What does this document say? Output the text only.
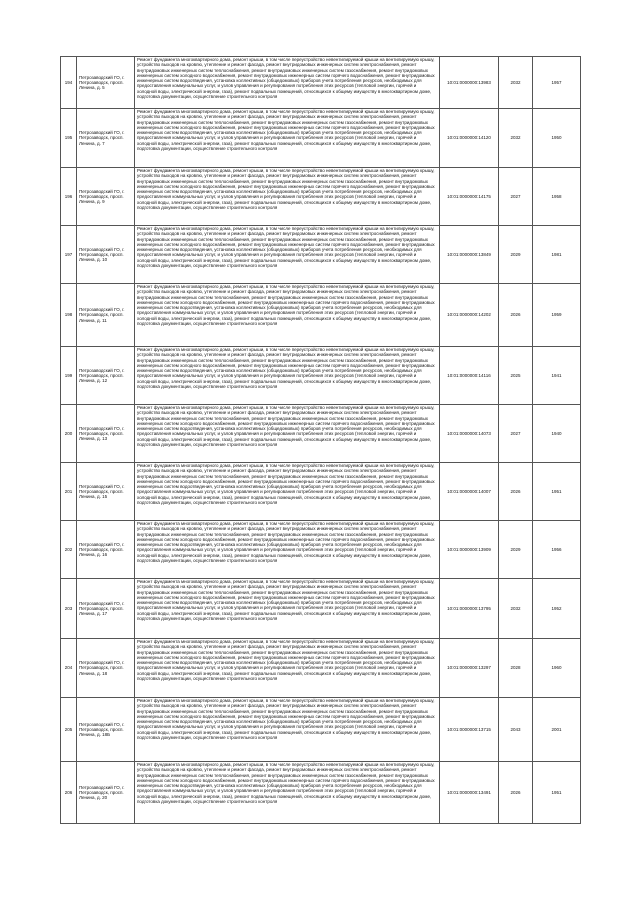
194	Петрозаводский ГО, г. Петрозаводск, просп. Ленина, д. 5	Ремонт фундамента многоквартирного дома, ремонт крыши, в том числе переустройство невентилируемой крыши на вентилируемую крышу, устройство выходов на кровлю, утепление и ремонт фасада, ремонт внутридомовых инженерных систем электроснабжения, ремонт внутридомовых инженерных систем теплоснабжения, ремонт внутридомовых инженерных систем газоснабжения, ремонт внутридомовых инженерных систем холодного водоснабжения, ремонт внутридомовых инженерных систем горячего водоснабжения, ремонт внутридомовых инженерных систем водоотведения, установка коллективных (общедомовых) приборов учета потребления ресурсов, необходимых для предоставления коммунальных услуг, и узлов управления и регулирования потребления этих ресурсов (тепловой энергии, горячей и холодной воды, электрической энергии, газа), ремонт подвальных помещений, относящихся к общему имуществу в многоквартирном доме, подготовка документации, осуществление строительного контроля	10:01:0000000:13983	2032	1957
195	Петрозаводский ГО, г. Петрозаводск, просп. Ленина, д. 7	Ремонт фундамента многоквартирного дома, ремонт крыши, в том числе переустройство невентилируемой крыши на вентилируемую крышу, устройство выходов на кровлю, утепление и ремонт фасада, ремонт внутридомовых инженерных систем электроснабжения, ремонт внутридомовых инженерных систем теплоснабжения, ремонт внутридомовых инженерных систем газоснабжения, ремонт внутридомовых инженерных систем холодного водоснабжения, ремонт внутридомовых инженерных систем горячего водоснабжения, ремонт внутридомовых инженерных систем водоотведения, установка коллективных (общедомовых) приборов учета потребления ресурсов, необходимых для предоставления коммунальных услуг, и узлов управления и регулирования потребления этих ресурсов (тепловой энергии, горячей и холодной воды, электрической энергии, газа), ремонт подвальных помещений, относящихся к общему имуществу в многоквартирном доме, подготовка документации, осуществление строительного контроля	10:01:0000000:14120	2032	1950
196	Петрозаводский ГО, г. Петрозаводск, просп. Ленина, д. 9	Ремонт фундамента многоквартирного дома, ремонт крыши, в том числе переустройство невентилируемой крыши на вентилируемую крышу, устройство выходов на кровлю, утепление и ремонт фасада, ремонт внутридомовых инженерных систем электроснабжения, ремонт внутридомовых инженерных систем теплоснабжения, ремонт внутридомовых инженерных систем газоснабжения, ремонт внутридомовых инженерных систем холодного водоснабжения, ремонт внутридомовых инженерных систем горячего водоснабжения, ремонт внутридомовых инженерных систем водоотведения, установка коллективных (общедомовых) приборов учета потребления ресурсов, необходимых для предоставления коммунальных услуг, и узлов управления и регулирования потребления этих ресурсов (тепловой энергии, горячей и холодной воды, электрической энергии, газа), ремонт подвальных помещений, относящихся к общему имуществу в многоквартирном доме, подготовка документации, осуществление строительного контроля	10:01:0000000:14175	2027	1958
197	Петрозаводский ГО, г. Петрозаводск, просп. Ленина, д. 10	Ремонт фундамента многоквартирного дома, ремонт крыши, в том числе переустройство невентилируемой крыши на вентилируемую крышу, устройство выходов на кровлю, утепление и ремонт фасада, ремонт внутридомовых инженерных систем электроснабжения, ремонт внутридомовых инженерных систем теплоснабжения, ремонт внутридомовых инженерных систем газоснабжения, ремонт внутридомовых инженерных систем холодного водоснабжения, ремонт внутридомовых инженерных систем горячего водоснабжения, ремонт внутридомовых инженерных систем водоотведения, установка коллективных (общедомовых) приборов учета потребления ресурсов, необходимых для предоставления коммунальных услуг, и узлов управления и регулирования потребления этих ресурсов (тепловой энергии, горячей и холодной воды, электрической энергии, газа), ремонт подвальных помещений, относящихся к общему имуществу в многоквартирном доме, подготовка документации, осуществление строительного контроля	10:01:0000000:13849	2029	1981
198	Петрозаводский ГО, г. Петрозаводск, просп. Ленина, д. 11	Ремонт фундамента многоквартирного дома, ремонт крыши, в том числе переустройство невентилируемой крыши на вентилируемую крышу, устройство выходов на кровлю, утепление и ремонт фасада, ремонт внутридомовых инженерных систем электроснабжения, ремонт внутридомовых инженерных систем теплоснабжения, ремонт внутридомовых инженерных систем газоснабжения, ремонт внутридомовых инженерных систем холодного водоснабжения, ремонт внутридомовых инженерных систем горячего водоснабжения, ремонт внутридомовых инженерных систем водоотведения, установка коллективных (общедомовых) приборов учета потребления ресурсов, необходимых для предоставления коммунальных услуг, и узлов управления и регулирования потребления этих ресурсов (тепловой энергии, горячей и холодной воды, электрической энергии, газа), ремонт подвальных помещений, относящихся к общему имуществу в многоквартирном доме, подготовка документации, осуществление строительного контроля	10:01:0000000:14202	2026	1959
199	Петрозаводский ГО, г. Петрозаводск, просп. Ленина, д. 12	Ремонт фундамента многоквартирного дома, ремонт крыши, в том числе переустройство невентилируемой крыши на вентилируемую крышу, устройство выходов на кровлю, утепление и ремонт фасада, ремонт внутридомовых инженерных систем электроснабжения, ремонт внутридомовых инженерных систем теплоснабжения, ремонт внутридомовых инженерных систем газоснабжения, ремонт внутридомовых инженерных систем холодного водоснабжения, ремонт внутридомовых инженерных систем горячего водоснабжения, ремонт внутридомовых инженерных систем водоотведения, установка коллективных (общедомовых) приборов учета потребления ресурсов, необходимых для предоставления коммунальных услуг, и узлов управления и регулирования потребления этих ресурсов (тепловой энергии, горячей и холодной воды, электрической энергии, газа), ремонт подвальных помещений, относящихся к общему имуществу в многоквартирном доме, подготовка документации, осуществление строительного контроля	10:01:0000000:14116	2025	1941
200	Петрозаводский ГО, г. Петрозаводск, просп. Ленина, д. 13	Ремонт фундамента многоквартирного дома, ремонт крыши, в том числе переустройство невентилируемой крыши на вентилируемую крышу, устройство выходов на кровлю, утепление и ремонт фасада, ремонт внутридомовых инженерных систем электроснабжения, ремонт внутридомовых инженерных систем теплоснабжения, ремонт внутридомовых инженерных систем газоснабжения, ремонт внутридомовых инженерных систем холодного водоснабжения, ремонт внутридомовых инженерных систем горячего водоснабжения, ремонт внутридомовых инженерных систем водоотведения, установка коллективных (общедомовых) приборов учета потребления ресурсов, необходимых для предоставления коммунальных услуг, и узлов управления и регулирования потребления этих ресурсов (тепловой энергии, горячей и холодной воды, электрической энергии, газа), ремонт подвальных помещений, относящихся к общему имуществу в многоквартирном доме, подготовка документации, осуществление строительного контроля	10:01:0000000:14073	2027	1940
201	Петрозаводский ГО, г. Петрозаводск, просп. Ленина, д. 15	Ремонт фундамента многоквартирного дома, ремонт крыши, в том числе переустройство невентилируемой крыши на вентилируемую крышу, устройство выходов на кровлю, утепление и ремонт фасада, ремонт внутридомовых инженерных систем электроснабжения, ремонт внутридомовых инженерных систем теплоснабжения, ремонт внутридомовых инженерных систем газоснабжения, ремонт внутридомовых инженерных систем холодного водоснабжения, ремонт внутридомовых инженерных систем горячего водоснабжения, ремонт внутридомовых инженерных систем водоотведения, установка коллективных (общедомовых) приборов учета потребления ресурсов, необходимых для предоставления коммунальных услуг, и узлов управления и регулирования потребления этих ресурсов (тепловой энергии, горячей и холодной воды, электрической энергии, газа), ремонт подвальных помещений, относящихся к общему имуществу в многоквартирном доме, подготовка документации, осуществление строительного контроля	10:01:0000000:14007	2026	1951
202	Петрозаводский ГО, г. Петрозаводск, просп. Ленина, д. 16	Ремонт фундамента многоквартирного дома, ремонт крыши, в том числе переустройство невентилируемой крыши на вентилируемую крышу, устройство выходов на кровлю, утепление и ремонт фасада, ремонт внутридомовых инженерных систем электроснабжения, ремонт внутридомовых инженерных систем теплоснабжения, ремонт внутридомовых инженерных систем газоснабжения, ремонт внутридомовых инженерных систем холодного водоснабжения, ремонт внутридомовых инженерных систем горячего водоснабжения, ремонт внутридомовых инженерных систем водоотведения, установка коллективных (общедомовых) приборов учета потребления ресурсов, необходимых для предоставления коммунальных услуг, и узлов управления и регулирования потребления этих ресурсов (тепловой энергии, горячей и холодной воды, электрической энергии, газа), ремонт подвальных помещений, относящихся к общему имуществу в многоквартирном доме, подготовка документации, осуществление строительного контроля	10:01:0000000:13909	2029	1956
203	Петрозаводский ГО, г. Петрозаводск, просп. Ленина, д. 17	Ремонт фундамента многоквартирного дома, ремонт крыши, в том числе переустройство невентилируемой крыши на вентилируемую крышу, устройство выходов на кровлю, утепление и ремонт фасада, ремонт внутридомовых инженерных систем электроснабжения, ремонт внутридомовых инженерных систем теплоснабжения, ремонт внутридомовых инженерных систем газоснабжения, ремонт внутридомовых инженерных систем холодного водоснабжения, ремонт внутридомовых инженерных систем горячего водоснабжения, ремонт внутридомовых инженерных систем водоотведения, установка коллективных (общедомовых) приборов учета потребления ресурсов, необходимых для предоставления коммунальных услуг, и узлов управления и регулирования потребления этих ресурсов (тепловой энергии, горячей и холодной воды, электрической энергии, газа), ремонт подвальных помещений, относящихся к общему имуществу в многоквартирном доме, подготовка документации, осуществление строительного контроля	10:01:0000000:13795	2032	1952
204	Петрозаводский ГО, г. Петрозаводск, просп. Ленина, д. 18	Ремонт фундамента многоквартирного дома, ремонт крыши, в том числе переустройство невентилируемой крыши на вентилируемую крышу, устройство выходов на кровлю, утепление и ремонт фасада, ремонт внутридомовых инженерных систем электроснабжения, ремонт внутридомовых инженерных систем теплоснабжения, ремонт внутридомовых инженерных систем газоснабжения, ремонт внутридомовых инженерных систем холодного водоснабжения, ремонт внутридомовых инженерных систем горячего водоснабжения, ремонт внутридомовых инженерных систем водоотведения, установка коллективных (общедомовых) приборов учета потребления ресурсов, необходимых для предоставления коммунальных услуг, и узлов управления и регулирования потребления этих ресурсов (тепловой энергии, горячей и холодной воды, электрической энергии, газа), ремонт подвальных помещений, относящихся к общему имуществу в многоквартирном доме, подготовка документации, осуществление строительного контроля	10:01:0000000:13297	2028	1960
205	Петрозаводский ГО, г. Петрозаводск, просп. Ленина, д. 18Б	Ремонт фундамента многоквартирного дома, ремонт крыши, в том числе переустройство невентилируемой крыши на вентилируемую крышу, устройство выходов на кровлю, утепление и ремонт фасада, ремонт внутридомовых инженерных систем электроснабжения, ремонт внутридомовых инженерных систем теплоснабжения, ремонт внутридомовых инженерных систем газоснабжения, ремонт внутридомовых инженерных систем холодного водоснабжения, ремонт внутридомовых инженерных систем горячего водоснабжения, ремонт внутридомовых инженерных систем водоотведения, установка коллективных (общедомовых) приборов учета потребления ресурсов, необходимых для предоставления коммунальных услуг, и узлов управления и регулирования потребления этих ресурсов (тепловой энергии, горячей и холодной воды, электрической энергии, газа), ремонт подвальных помещений, относящихся к общему имуществу в многоквартирном доме, подготовка документации, осуществление строительного контроля	10:01:0000000:13715	2043	2001
206	Петрозаводский ГО, г. Петрозаводск, просп. Ленина, д. 20	Ремонт фундамента многоквартирного дома, ремонт крыши, в том числе переустройство невентилируемой крыши на вентилируемую крышу, устройство выходов на кровлю, утепление и ремонт фасада, ремонт внутридомовых инженерных систем электроснабжения, ремонт внутридомовых инженерных систем теплоснабжения, ремонт внутридомовых инженерных систем газоснабжения, ремонт внутридомовых инженерных систем холодного водоснабжения, ремонт внутридомовых инженерных систем горячего водоснабжения, ремонт внутридомовых инженерных систем водоотведения, установка коллективных (общедомовых) приборов учета потребления ресурсов, необходимых для предоставления коммунальных услуг, и узлов управления и регулирования потребления этих ресурсов (тепловой энергии, горячей и холодной воды, электрической энергии, газа), ремонт подвальных помещений, относящихся к общему имуществу в многоквартирном доме, подготовка документации, осуществление строительного контроля	10:01:0000000:13491	2026	1951
